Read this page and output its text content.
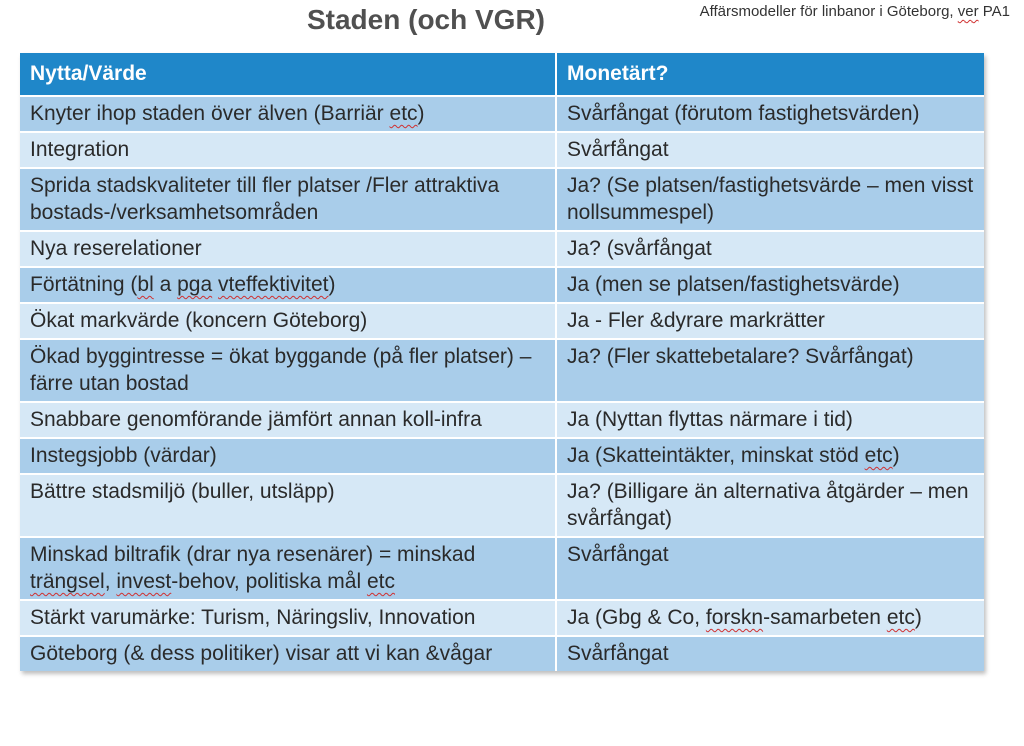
Staden (och VGR)	Affärsmodeller för linbanor i Göteborg, ver PA1
Nytta/Värde	Monetärt?
Knyter ihop staden över älven (Barriär etc)	Svårfångat (förutom fastighetsvärden)
Integration	Svårfångat
Sprida stadskvaliteter till fler platser /Fler attraktiva bostads-/verksamhetsområden	Ja? (Se platsen/fastighetsvärde – men visst nollsummespel)
Nya reserelationer	Ja? (svårfångat
Förtätning (bl a pga vteffektivitet)	Ja (men se platsen/fastighetsvärde)
Ökat markvärde (koncern Göteborg)	Ja - Fler &dyrare markrätter
Ökad byggintresse = ökat byggande (på fler platser) – färre utan bostad	Ja? (Fler skattebetalare? Svårfångat)
Snabbare genomförande jämfört annan koll-infra	Ja (Nyttan flyttas närmare i tid)
Instegsjobb (värdar)	Ja (Skatteintäkter, minskat stöd etc)
Bättre stadsmiljö (buller, utsläpp)	Ja? (Billigare än alternativa åtgärder – men svårfångat)
Minskad biltrafik (drar nya resenärer) = minskad trängsel, invest-behov, politiska mål etc	Svårfångat
Stärkt varumärke: Turism, Näringsliv, Innovation	Ja (Gbg & Co, forskn-samarbeten etc)
Göteborg (& dess politiker) visar att vi kan &vågar	Svårfångat
